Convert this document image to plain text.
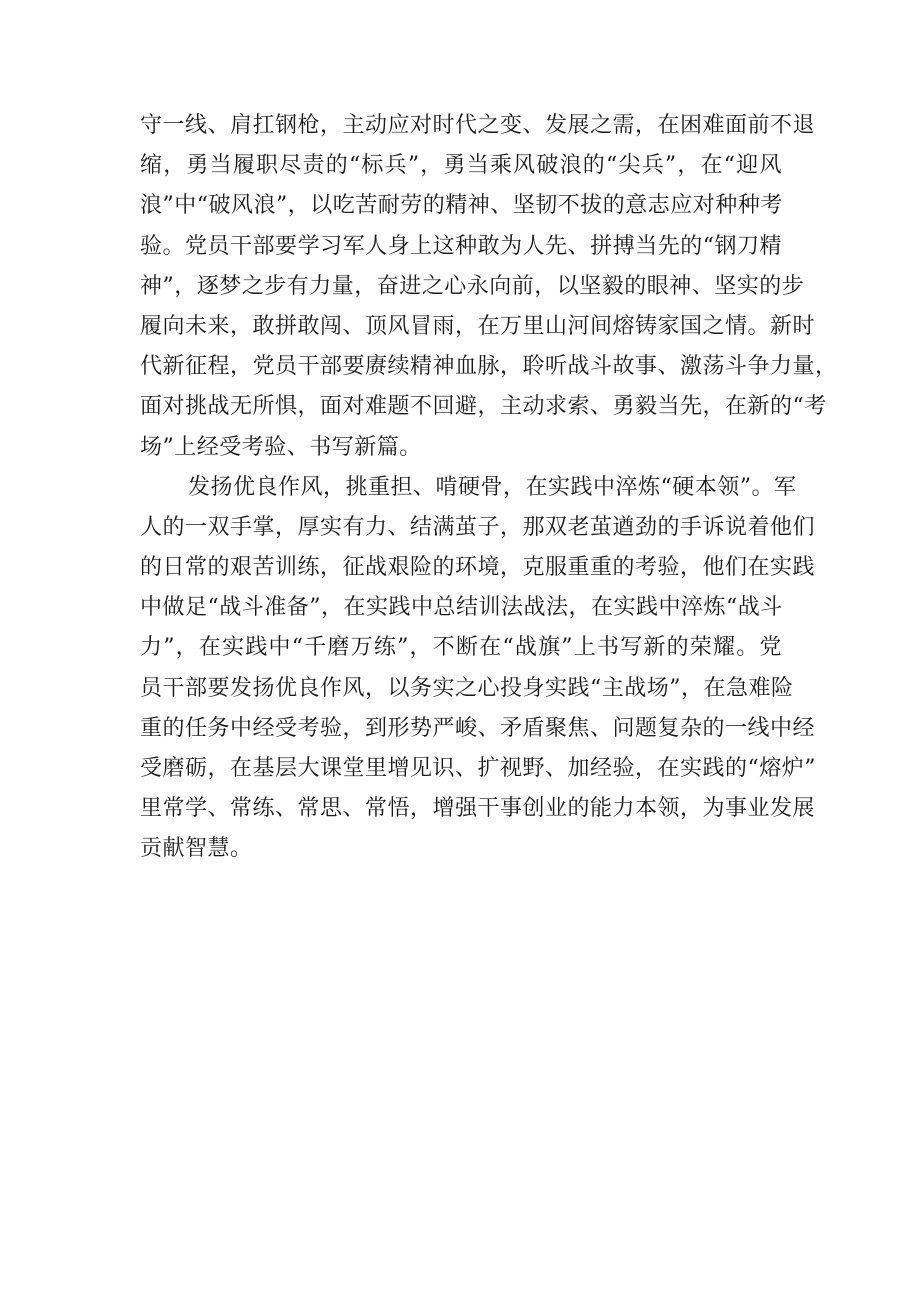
守一线、肩扛钢枪，主动应对时代之变、发展之需，在困难面前不退
缩，勇当履职尽责的“标兵”，勇当乘风破浪的“尖兵”，在“迎风
浪”中“破风浪”，以吃苦耐劳的精神、坚韧不拔的意志应对种种考
验。党员干部要学习军人身上这种敢为人先、拼搏当先的“钢刀精
神”，逐梦之步有力量，奋进之心永向前，以坚毅的眼神、坚实的步
履向未来，敢拼敢闯、顶风冒雨，在万里山河间熔铸家国之情。新时
代新征程，党员干部要赓续精神血脉，聆听战斗故事、激荡斗争力量，
面对挑战无所惧，面对难题不回避，主动求索、勇毅当先，在新的“考
场”上经受考验、书写新篇。
发扬优良作风，挑重担、啃硬骨，在实践中淬炼“硬本领”。军
人的一双手掌，厚实有力、结满茧子，那双老茧遒劲的手诉说着他们
的日常的艰苦训练，征战艰险的环境，克服重重的考验，他们在实践
中做足“战斗准备”，在实践中总结训法战法，在实践中淬炼“战斗
力”，在实践中“千磨万练”，不断在“战旗”上书写新的荣耀。党
员干部要发扬优良作风，以务实之心投身实践“主战场”，在急难险
重的任务中经受考验，到形势严峻、矛盾聚焦、问题复杂的一线中经
受磨砺，在基层大课堂里增见识、扩视野、加经验，在实践的“熔炉”
里常学、常练、常思、常悟，增强干事创业的能力本领，为事业发展
贡献智慧。
